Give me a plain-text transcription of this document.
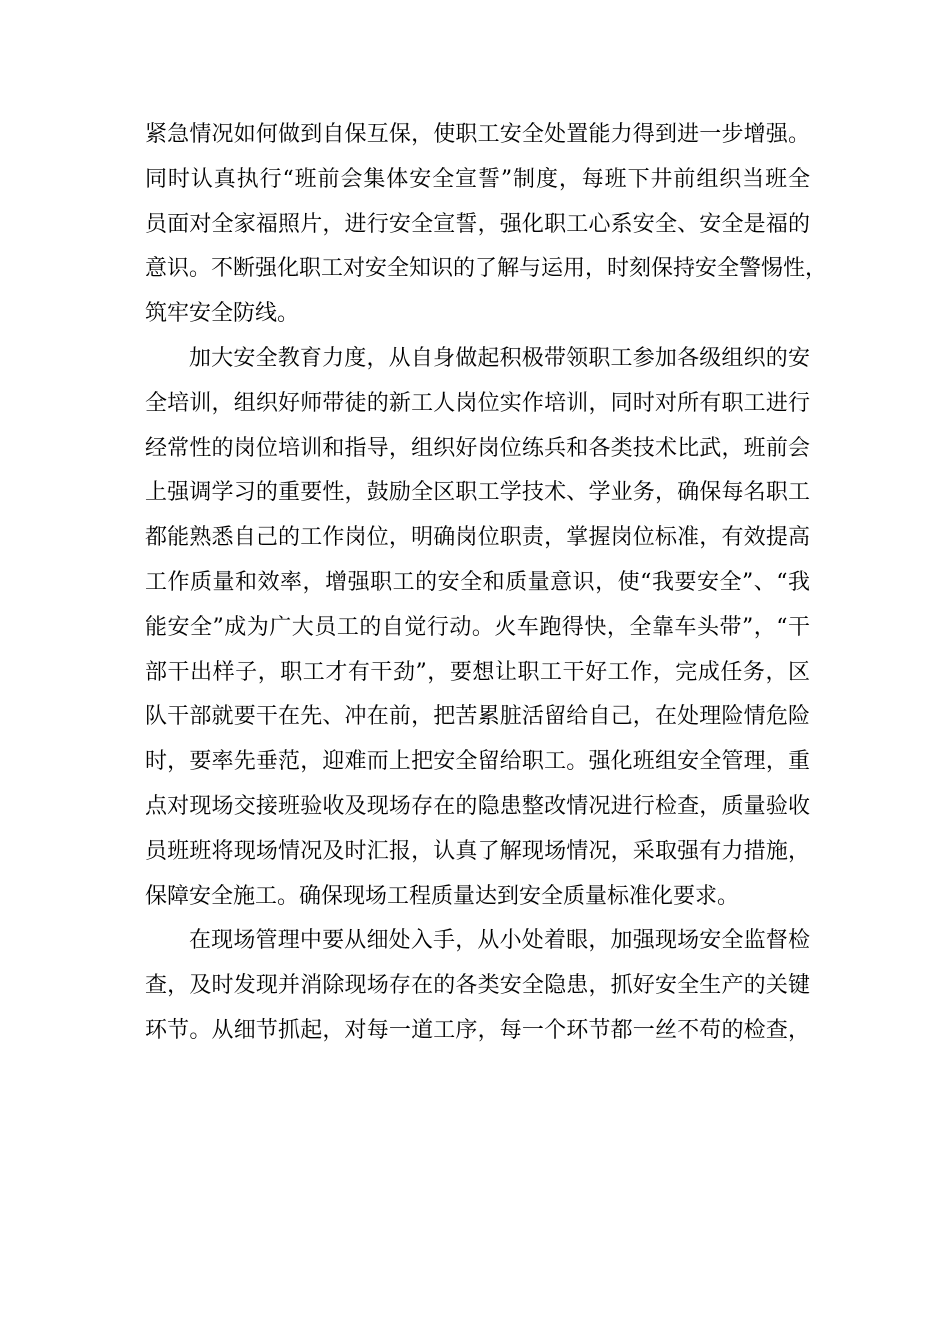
紧急情况如何做到自保互保，使职工安全处置能力得到进一步增强。
同时认真执行“班前会集体安全宣誓”制度，每班下井前组织当班全
员面对全家福照片，进行安全宣誓，强化职工心系安全、安全是福的
意识。不断强化职工对安全知识的了解与运用，时刻保持安全警惕性，
筑牢安全防线。
加大安全教育力度，从自身做起积极带领职工参加各级组织的安
全培训，组织好师带徒的新工人岗位实作培训，同时对所有职工进行
经常性的岗位培训和指导，组织好岗位练兵和各类技术比武，班前会
上强调学习的重要性，鼓励全区职工学技术、学业务，确保每名职工
都能熟悉自己的工作岗位，明确岗位职责，掌握岗位标准，有效提高
工作质量和效率，增强职工的安全和质量意识，使“我要安全”、“我
能安全”成为广大员工的自觉行动。火车跑得快，全靠车头带”，“干
部干出样子，职工才有干劲”，要想让职工干好工作，完成任务，区
队干部就要干在先、冲在前，把苦累脏活留给自己，在处理险情危险
时，要率先垂范，迎难而上把安全留给职工。强化班组安全管理，重
点对现场交接班验收及现场存在的隐患整改情况进行检查，质量验收
员班班将现场情况及时汇报，认真了解现场情况，采取强有力措施，
保障安全施工。确保现场工程质量达到安全质量标准化要求。
在现场管理中要从细处入手，从小处着眼，加强现场安全监督检
查，及时发现并消除现场存在的各类安全隐患，抓好安全生产的关键
环节。从细节抓起，对每一道工序，每一个环节都一丝不苟的检查，
